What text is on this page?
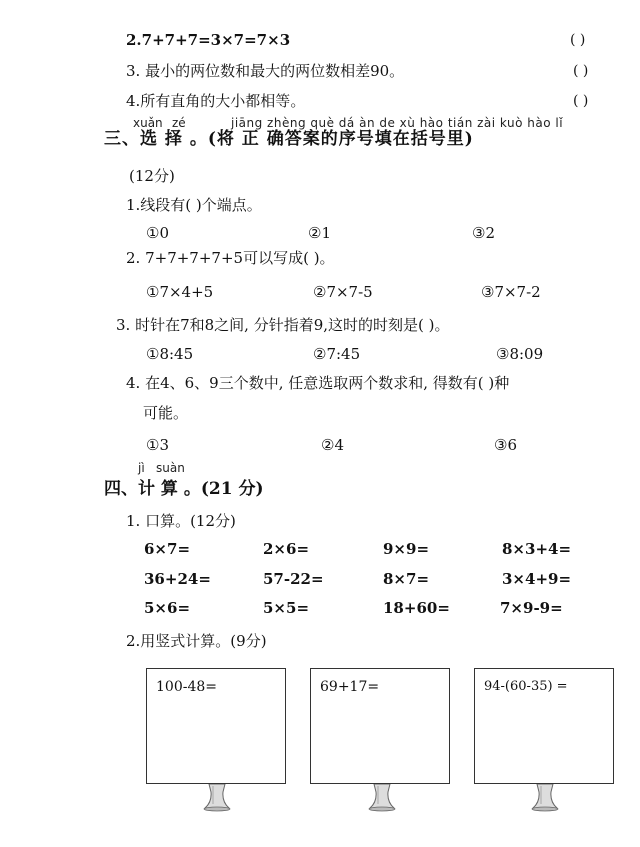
2.7+7+7=3×7=7×3	( )
3. 最小的两位数和最大的两位数相差90。	( )
4.所有直角的大小都相等。	( )
xuǎn zé	jiāng zhèng què dá àn de xù hào tián zài kuò hào lǐ
三、选 择 。(将 正 确答案的序号填在括号里)
(12分)
1.线段有( )个端点。
①0	②1	③2
2. 7+7+7+7+5可以写成( )。
①7×4+5	②7×7-5	③7×7-2
3. 时针在7和8之间, 分针指着9,这时的时刻是( )。
①8:45	②7:45	③8:09
4. 在4、6、9三个数中, 任意选取两个数求和, 得数有( )种
可能。
①3	②4	③6
jì suàn
四、计 算 。(21 分)
1. 口算。(12分)
6×7=	2×6=	9×9=	8×3+4=
36+24=	57-22=	8×7=	3×4+9=
5×6=	5×5=	18+60=	7×9-9=
2.用竖式计算。(9分)
100-48=	69+17=	94-(60-35) =
